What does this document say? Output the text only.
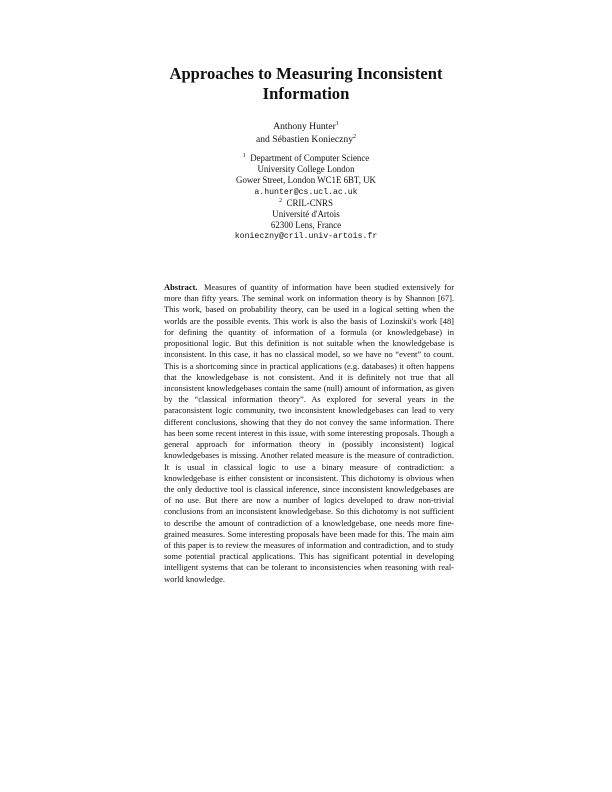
Approaches to Measuring Inconsistent
Information
Anthony Hunter$^1$
and Sébastien Konieczny$^2$
$^1$ Department of Computer Science
University College London
Gower Street, London WC1E 6BT, UK
a.hunter@cs.ucl.ac.uk
$^2$ CRIL-CNRS
Université d'Artois
62300 Lens, France
konieczny@cril.univ-artois.fr
Abstract. Measures of quantity of information have been studied extensively for more than fifty years. The seminal work on information theory is by Shannon [67]. This work, based on probability theory, can be used in a logical setting when the worlds are the possible events. This work is also the basis of Lozinskii's work [48] for defining the quantity of information of a formula (or knowledgebase) in propositional logic. But this definition is not suitable when the knowledgebase is inconsistent. In this case, it has no classical model, so we have no “event” to count. This is a shortcoming since in practical applications (e.g. databases) it often happens that the knowledgebase is not consistent. And it is definitely not true that all inconsistent knowledgebases contain the same (null) amount of information, as given by the “classical information theory”. As explored for several years in the paraconsistent logic community, two inconsistent knowledgebases can lead to very different conclusions, showing that they do not convey the same information. There has been some recent interest in this issue, with some interesting proposals. Though a general approach for information theory in (possibly inconsistent) logical knowledgebases is missing. Another related measure is the measure of contradiction. It is usual in classical logic to use a binary measure of contradiction: a knowledgebase is either consistent or inconsistent. This dichotomy is obvious when the only deductive tool is classical inference, since inconsistent knowledgebases are of no use. But there are now a number of logics developed to draw non-trivial conclusions from an inconsistent knowledgebase. So this dichotomy is not sufficient to describe the amount of contradiction of a knowledgebase, one needs more fine-grained measures. Some interesting proposals have been made for this. The main aim of this paper is to review the measures of information and contradiction, and to study some potential practical applications. This has significant potential in developing intelligent systems that can be tolerant to inconsistencies when reasoning with real-world knowledge.
